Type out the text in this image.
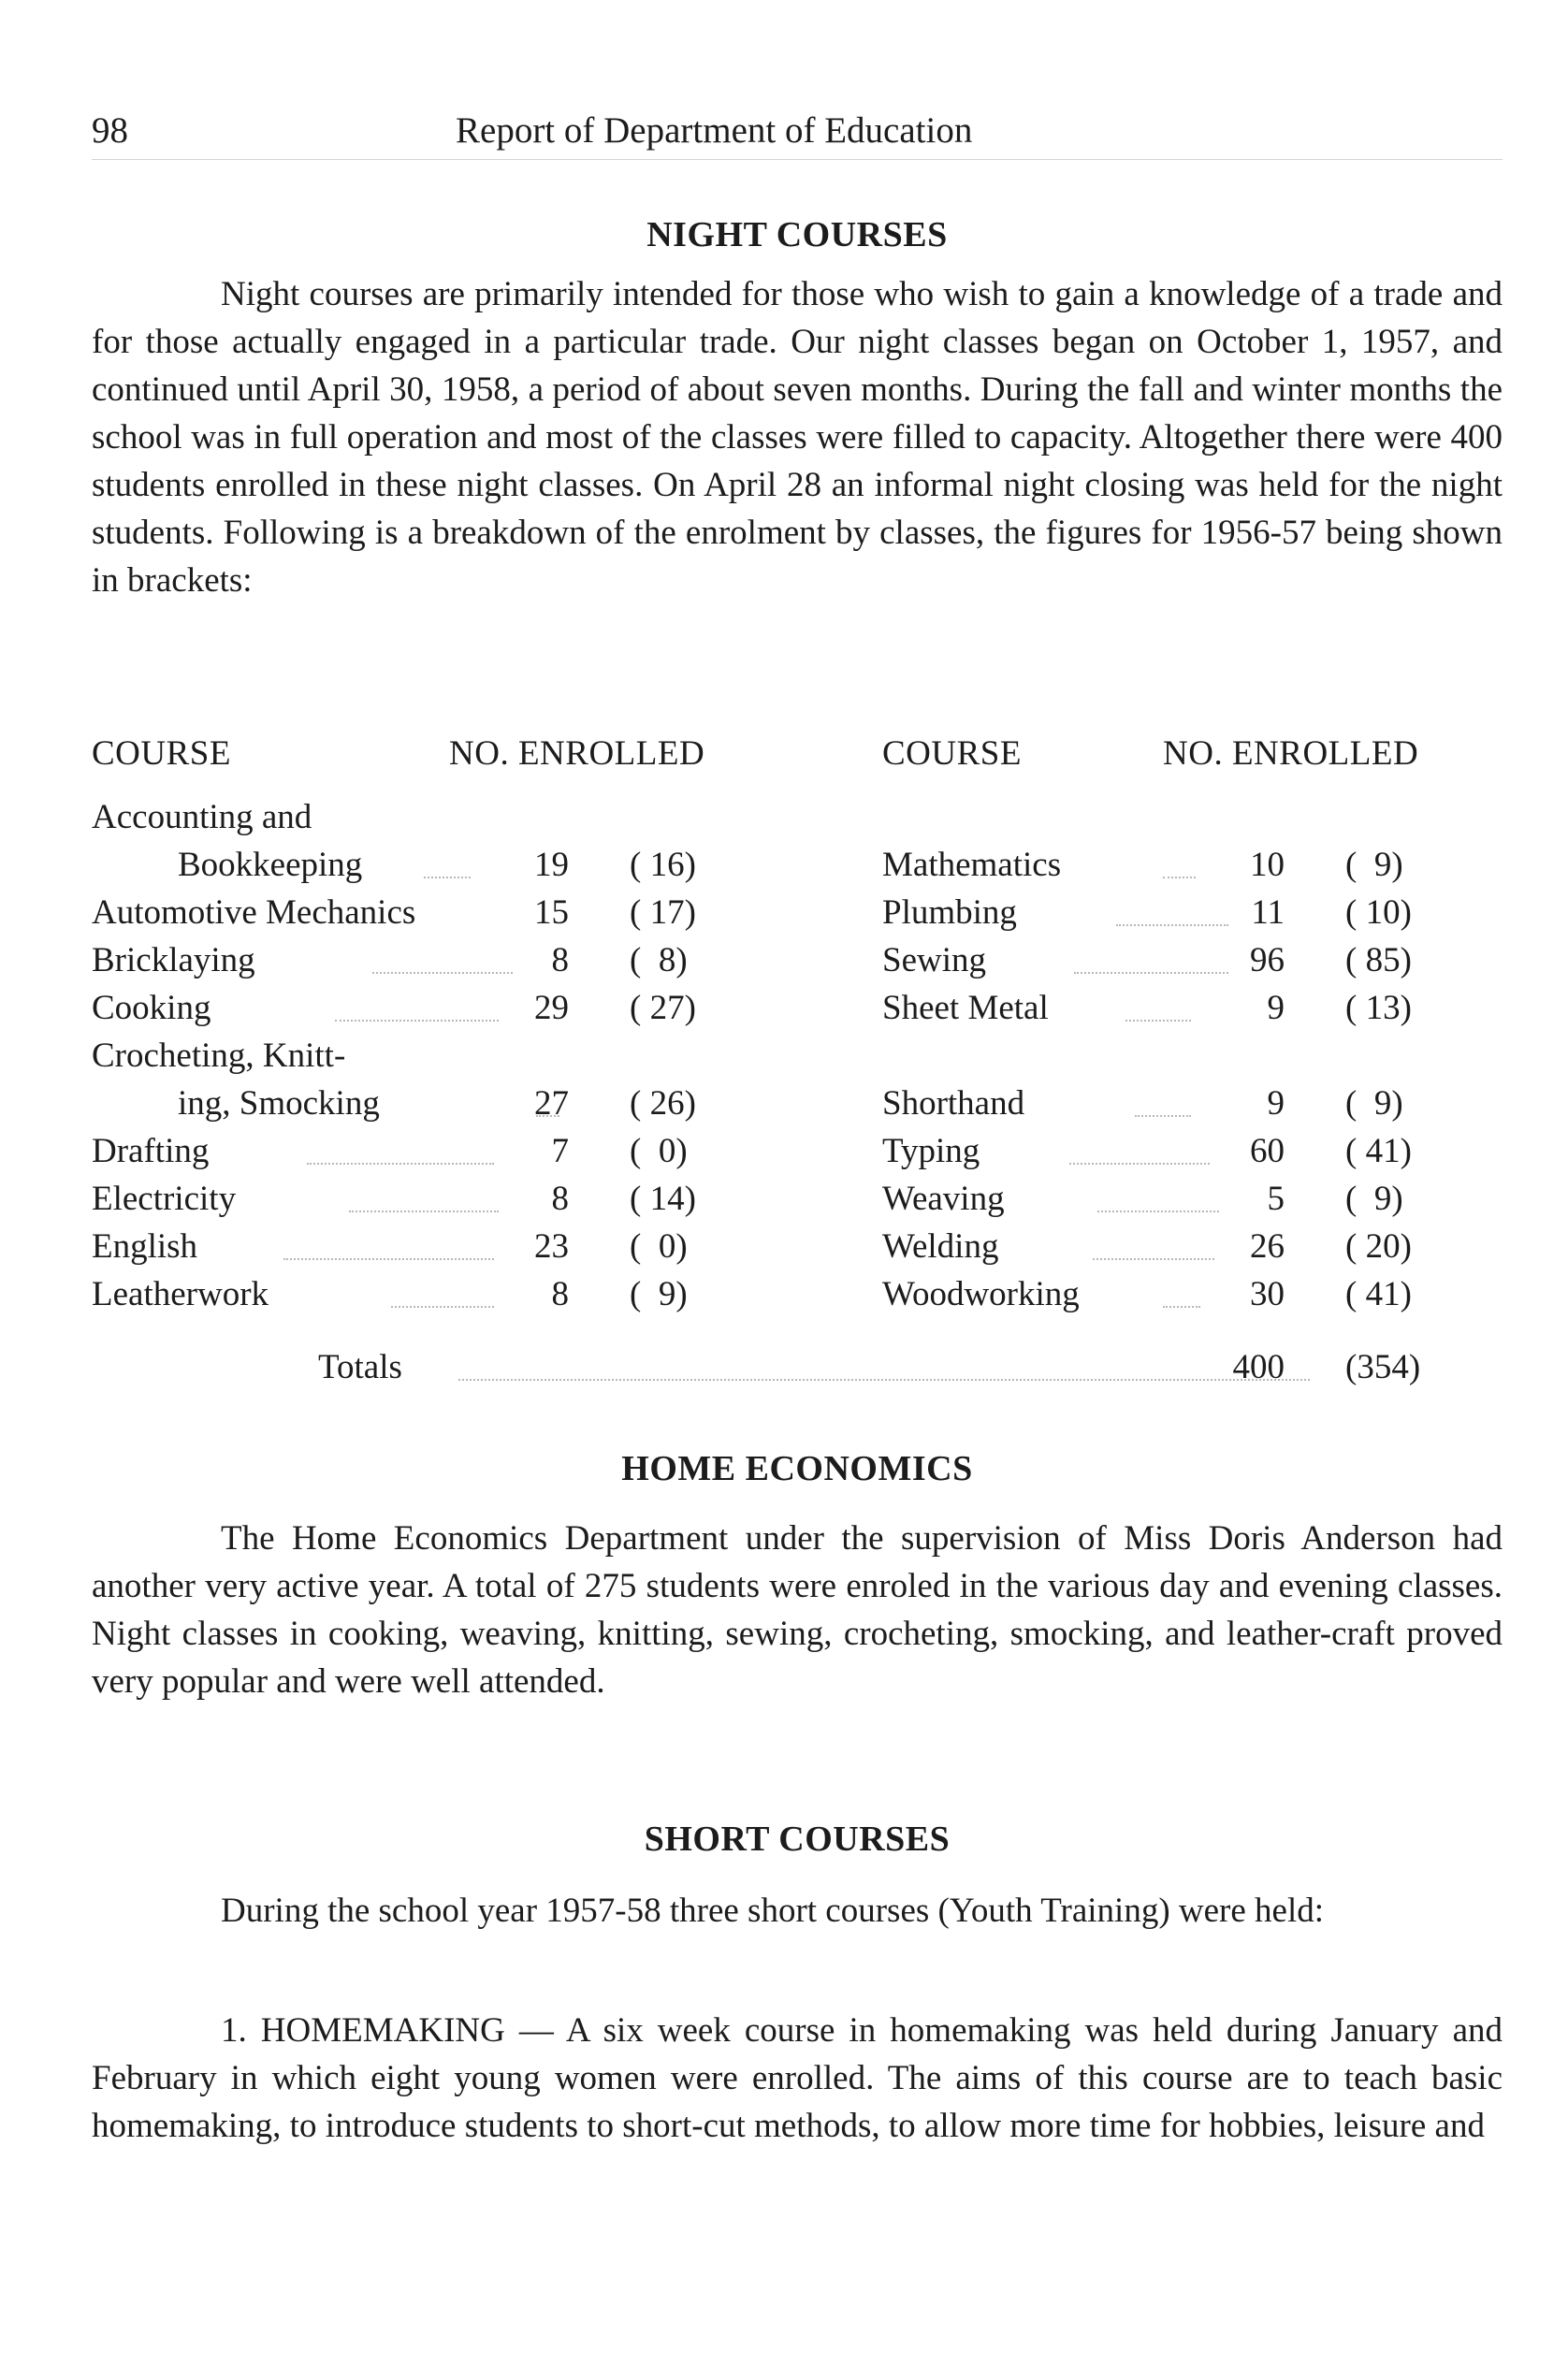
98	Report of Department of Education
NIGHT COURSES

Night courses are primarily intended for those who wish to gain a knowledge of a trade and for those actually engaged in a particular trade. Our night classes began on October 1, 1957, and continued until April 30, 1958, a period of about seven months. During the fall and winter months the school was in full operation and most of the classes were filled to capacity. Altogether there were 400 students enrolled in these night classes. On April 28 an informal night closing was held for the night students. Following is a breakdown of the enrolment by classes, the figures for 1956-57 being shown in brackets:

COURSE	NO. ENROLLED	COURSE	NO. ENROLLED
Accounting and
Bookkeeping	19 ( 16)
Automotive Mechanics	15 ( 17)
Bricklaying	8 (  8)
Cooking	29 ( 27)
Crocheting, Knitt-
ing, Smocking	27 ( 26)
Drafting	7 (  0)
Electricity	8 ( 14)
English	23 (  0)
Leatherwork	8 (  9)
Mathematics	10 (  9)
Plumbing	11 ( 10)
Sewing	96 ( 85)
Sheet Metal	9 ( 13)
Shorthand	9 (  9)
Typing	60 ( 41)
Weaving	5 (  9)
Welding	26 ( 20)
Woodworking	30 ( 41)
Totals	400 (354)
HOME ECONOMICS

The Home Economics Department under the supervision of Miss Doris Anderson had another very active year. A total of 275 students were enroled in the various day and evening classes. Night classes in cooking, weaving, knitting, sewing, crocheting, smocking, and leather-craft proved very popular and were well attended.

SHORT COURSES

During the school year 1957-58 three short courses (Youth Training) were held:

1. HOMEMAKING — A six week course in homemaking was held during January and February in which eight young women were enrolled. The aims of this course are to teach basic homemaking, to introduce students to short-cut methods, to allow more time for hobbies, leisure and
